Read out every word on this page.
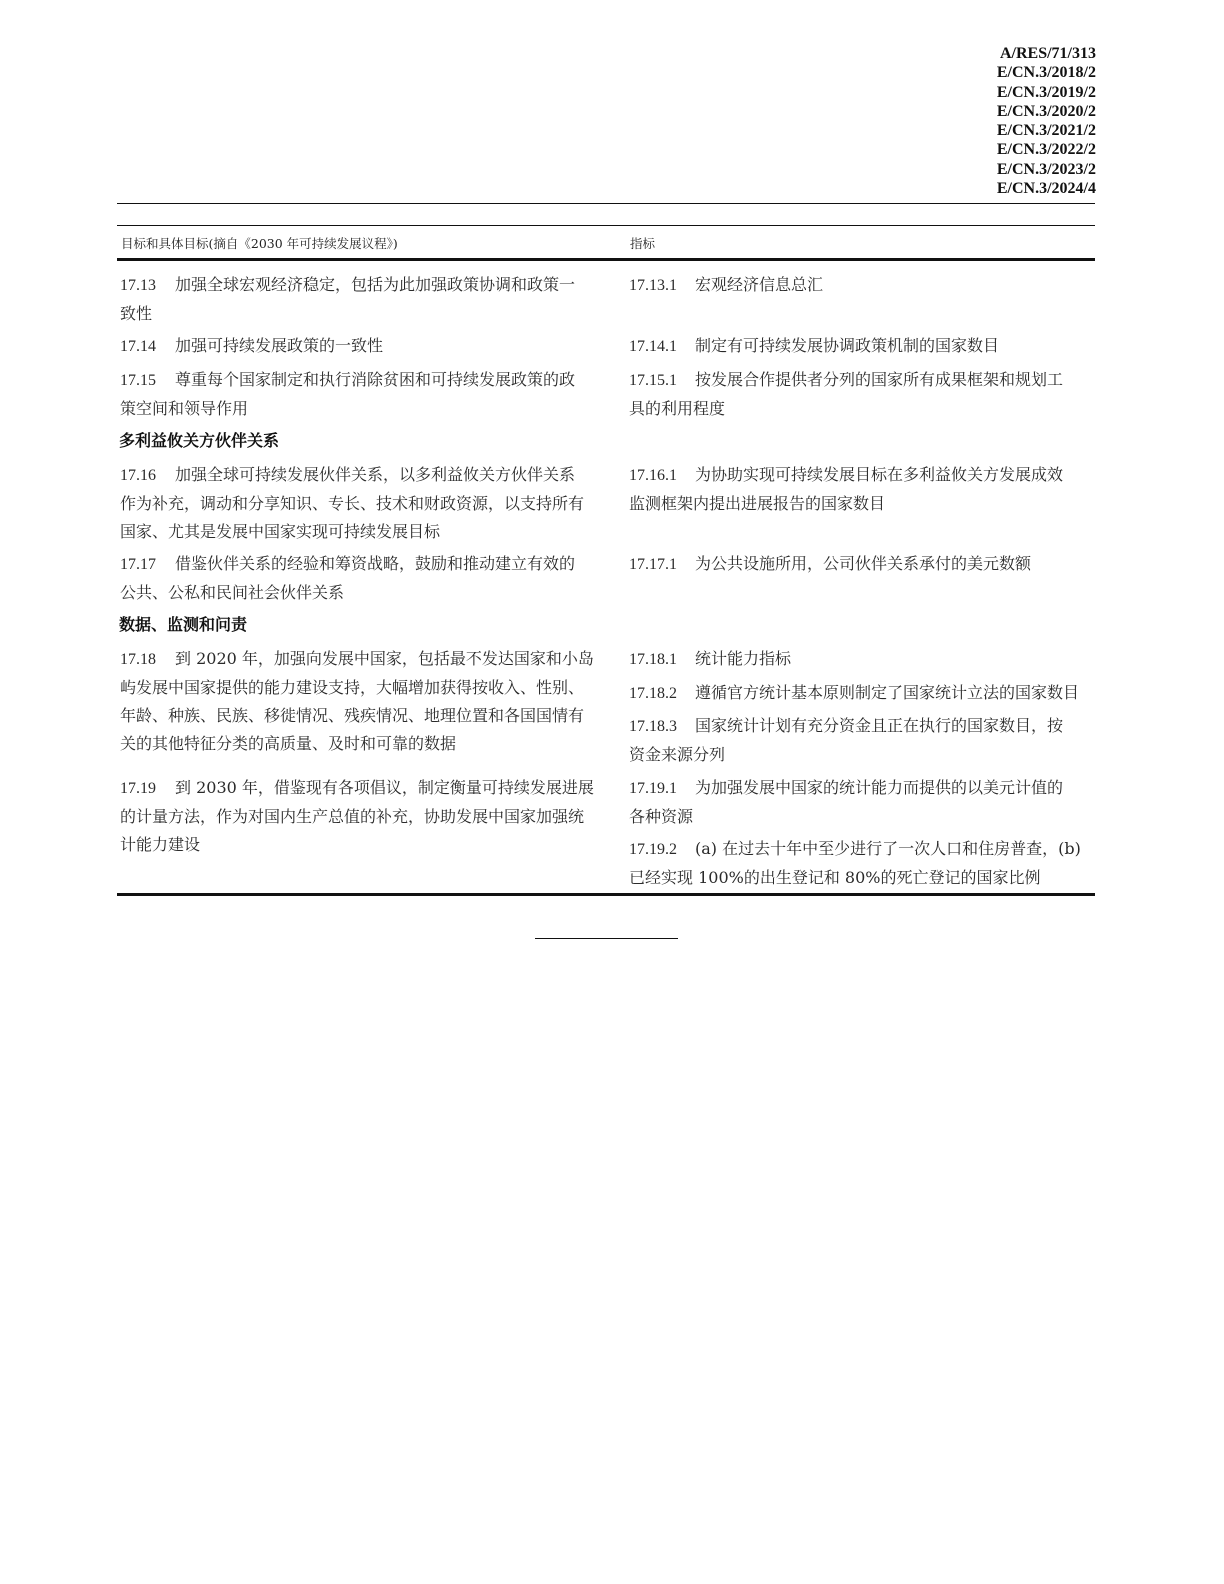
A/RES/71/313
E/CN.3/2018/2
E/CN.3/2019/2
E/CN.3/2020/2
E/CN.3/2021/2
E/CN.3/2022/2
E/CN.3/2023/2
E/CN.3/2024/4
目标和具体目标(摘自《2030 年可持续发展议程》)	指标
17.13 加强全球宏观经济稳定，包括为此加强政策协调和政策一
致性
17.13.1 宏观经济信息总汇
17.14 加强可持续发展政策的一致性	17.14.1 制定有可持续发展协调政策机制的国家数目
17.15 尊重每个国家制定和执行消除贫困和可持续发展政策的政
策空间和领导作用
17.15.1 按发展合作提供者分列的国家所有成果框架和规划工
具的利用程度
多利益攸关方伙伴关系
17.16 加强全球可持续发展伙伴关系，以多利益攸关方伙伴关系
作为补充，调动和分享知识、专长、技术和财政资源，以支持所有
国家、尤其是发展中国家实现可持续发展目标
17.16.1 为协助实现可持续发展目标在多利益攸关方发展成效
监测框架内提出进展报告的国家数目
17.17 借鉴伙伴关系的经验和筹资战略，鼓励和推动建立有效的
公共、公私和民间社会伙伴关系
17.17.1 为公共设施所用，公司伙伴关系承付的美元数额
数据、监测和问责
17.18 到 2020 年，加强向发展中国家，包括最不发达国家和小岛
屿发展中国家提供的能力建设支持，大幅增加获得按收入、性别、
年龄、种族、民族、移徙情况、残疾情况、地理位置和各国国情有
关的其他特征分类的高质量、及时和可靠的数据
17.18.1 统计能力指标
17.18.2 遵循官方统计基本原则制定了国家统计立法的国家数目
17.18.3 国家统计计划有充分资金且正在执行的国家数目，按
资金来源分列
17.19 到 2030 年，借鉴现有各项倡议，制定衡量可持续发展进展
的计量方法，作为对国内生产总值的补充，协助发展中国家加强统
计能力建设
17.19.1 为加强发展中国家的统计能力而提供的以美元计值的
各种资源
17.19.2 (a) 在过去十年中至少进行了一次人口和住房普查，(b)
已经实现 100%的出生登记和 80%的死亡登记的国家比例
